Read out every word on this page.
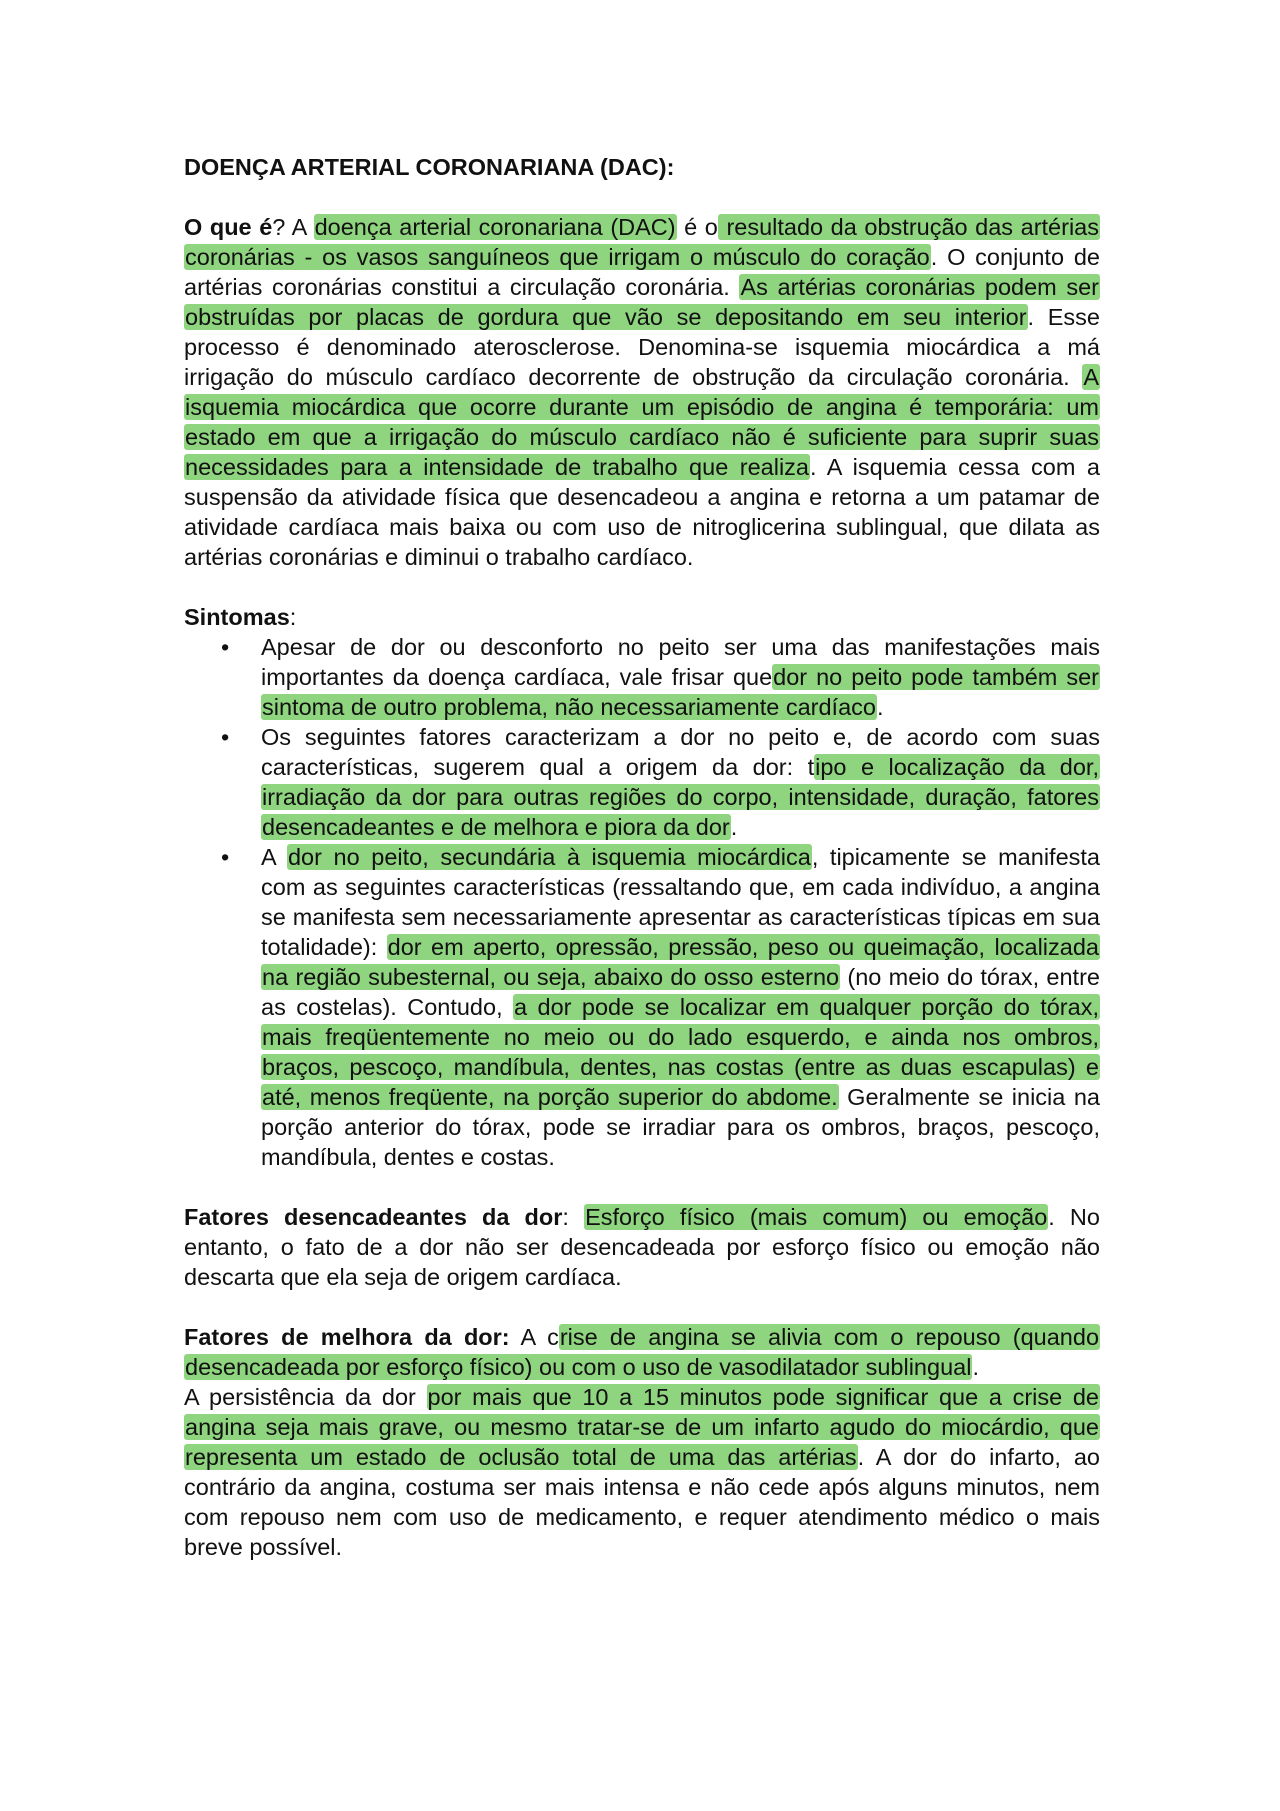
DOENÇA ARTERIAL CORONARIANA (DAC):

O que é? A doença arterial coronariana (DAC) é o resultado da obstrução das artérias coronárias - os vasos sanguíneos que irrigam o músculo do coração. O conjunto de artérias coronárias constitui a circulação coronária. As artérias coronárias podem ser obstruídas por placas de gordura que vão se depositando em seu interior. Esse processo é denominado aterosclerose. Denomina-se isquemia miocárdica a má irrigação do músculo cardíaco decorrente de obstrução da circulação coronária. A isquemia miocárdica que ocorre durante um episódio de angina é temporária: um estado em que a irrigação do músculo cardíaco não é suficiente para suprir suas necessidades para a intensidade de trabalho que realiza. A isquemia cessa com a suspensão da atividade física que desencadeou a angina e retorna a um patamar de atividade cardíaca mais baixa ou com uso de nitroglicerina sublingual, que dilata as artérias coronárias e diminui o trabalho cardíaco.

Sintomas:

• Apesar de dor ou desconforto no peito ser uma das manifestações mais importantes da doença cardíaca, vale frisar quedor no peito pode também ser sintoma de outro problema, não necessariamente cardíaco.
• Os seguintes fatores caracterizam a dor no peito e, de acordo com suas características, sugerem qual a origem da dor: tipo e localização da dor, irradiação da dor para outras regiões do corpo, intensidade, duração, fatores desencadeantes e de melhora e piora da dor.
• A dor no peito, secundária à isquemia miocárdica, tipicamente se manifesta com as seguintes características (ressaltando que, em cada indivíduo, a angina se manifesta sem necessariamente apresentar as características típicas em sua totalidade): dor em aperto, opressão, pressão, peso ou queimação, localizada na região subesternal, ou seja, abaixo do osso esterno (no meio do tórax, entre as costelas). Contudo, a dor pode se localizar em qualquer porção do tórax, mais freqüentemente no meio ou do lado esquerdo, e ainda nos ombros, braços, pescoço, mandíbula, dentes, nas costas (entre as duas escapulas) e até, menos freqüente, na porção superior do abdome. Geralmente se inicia na porção anterior do tórax, pode se irradiar para os ombros, braços, pescoço, mandíbula, dentes e costas.

Fatores desencadeantes da dor: Esforço físico (mais comum) ou emoção. No entanto, o fato de a dor não ser desencadeada por esforço físico ou emoção não descarta que ela seja de origem cardíaca.

Fatores de melhora da dor: A crise de angina se alivia com o repouso (quando desencadeada por esforço físico) ou com o uso de vasodilatador sublingual.

A persistência da dor por mais que 10 a 15 minutos pode significar que a crise de angina seja mais grave, ou mesmo tratar-se de um infarto agudo do miocárdio, que representa um estado de oclusão total de uma das artérias. A dor do infarto, ao contrário da angina, costuma ser mais intensa e não cede após alguns minutos, nem com repouso nem com uso de medicamento, e requer atendimento médico o mais breve possível.
